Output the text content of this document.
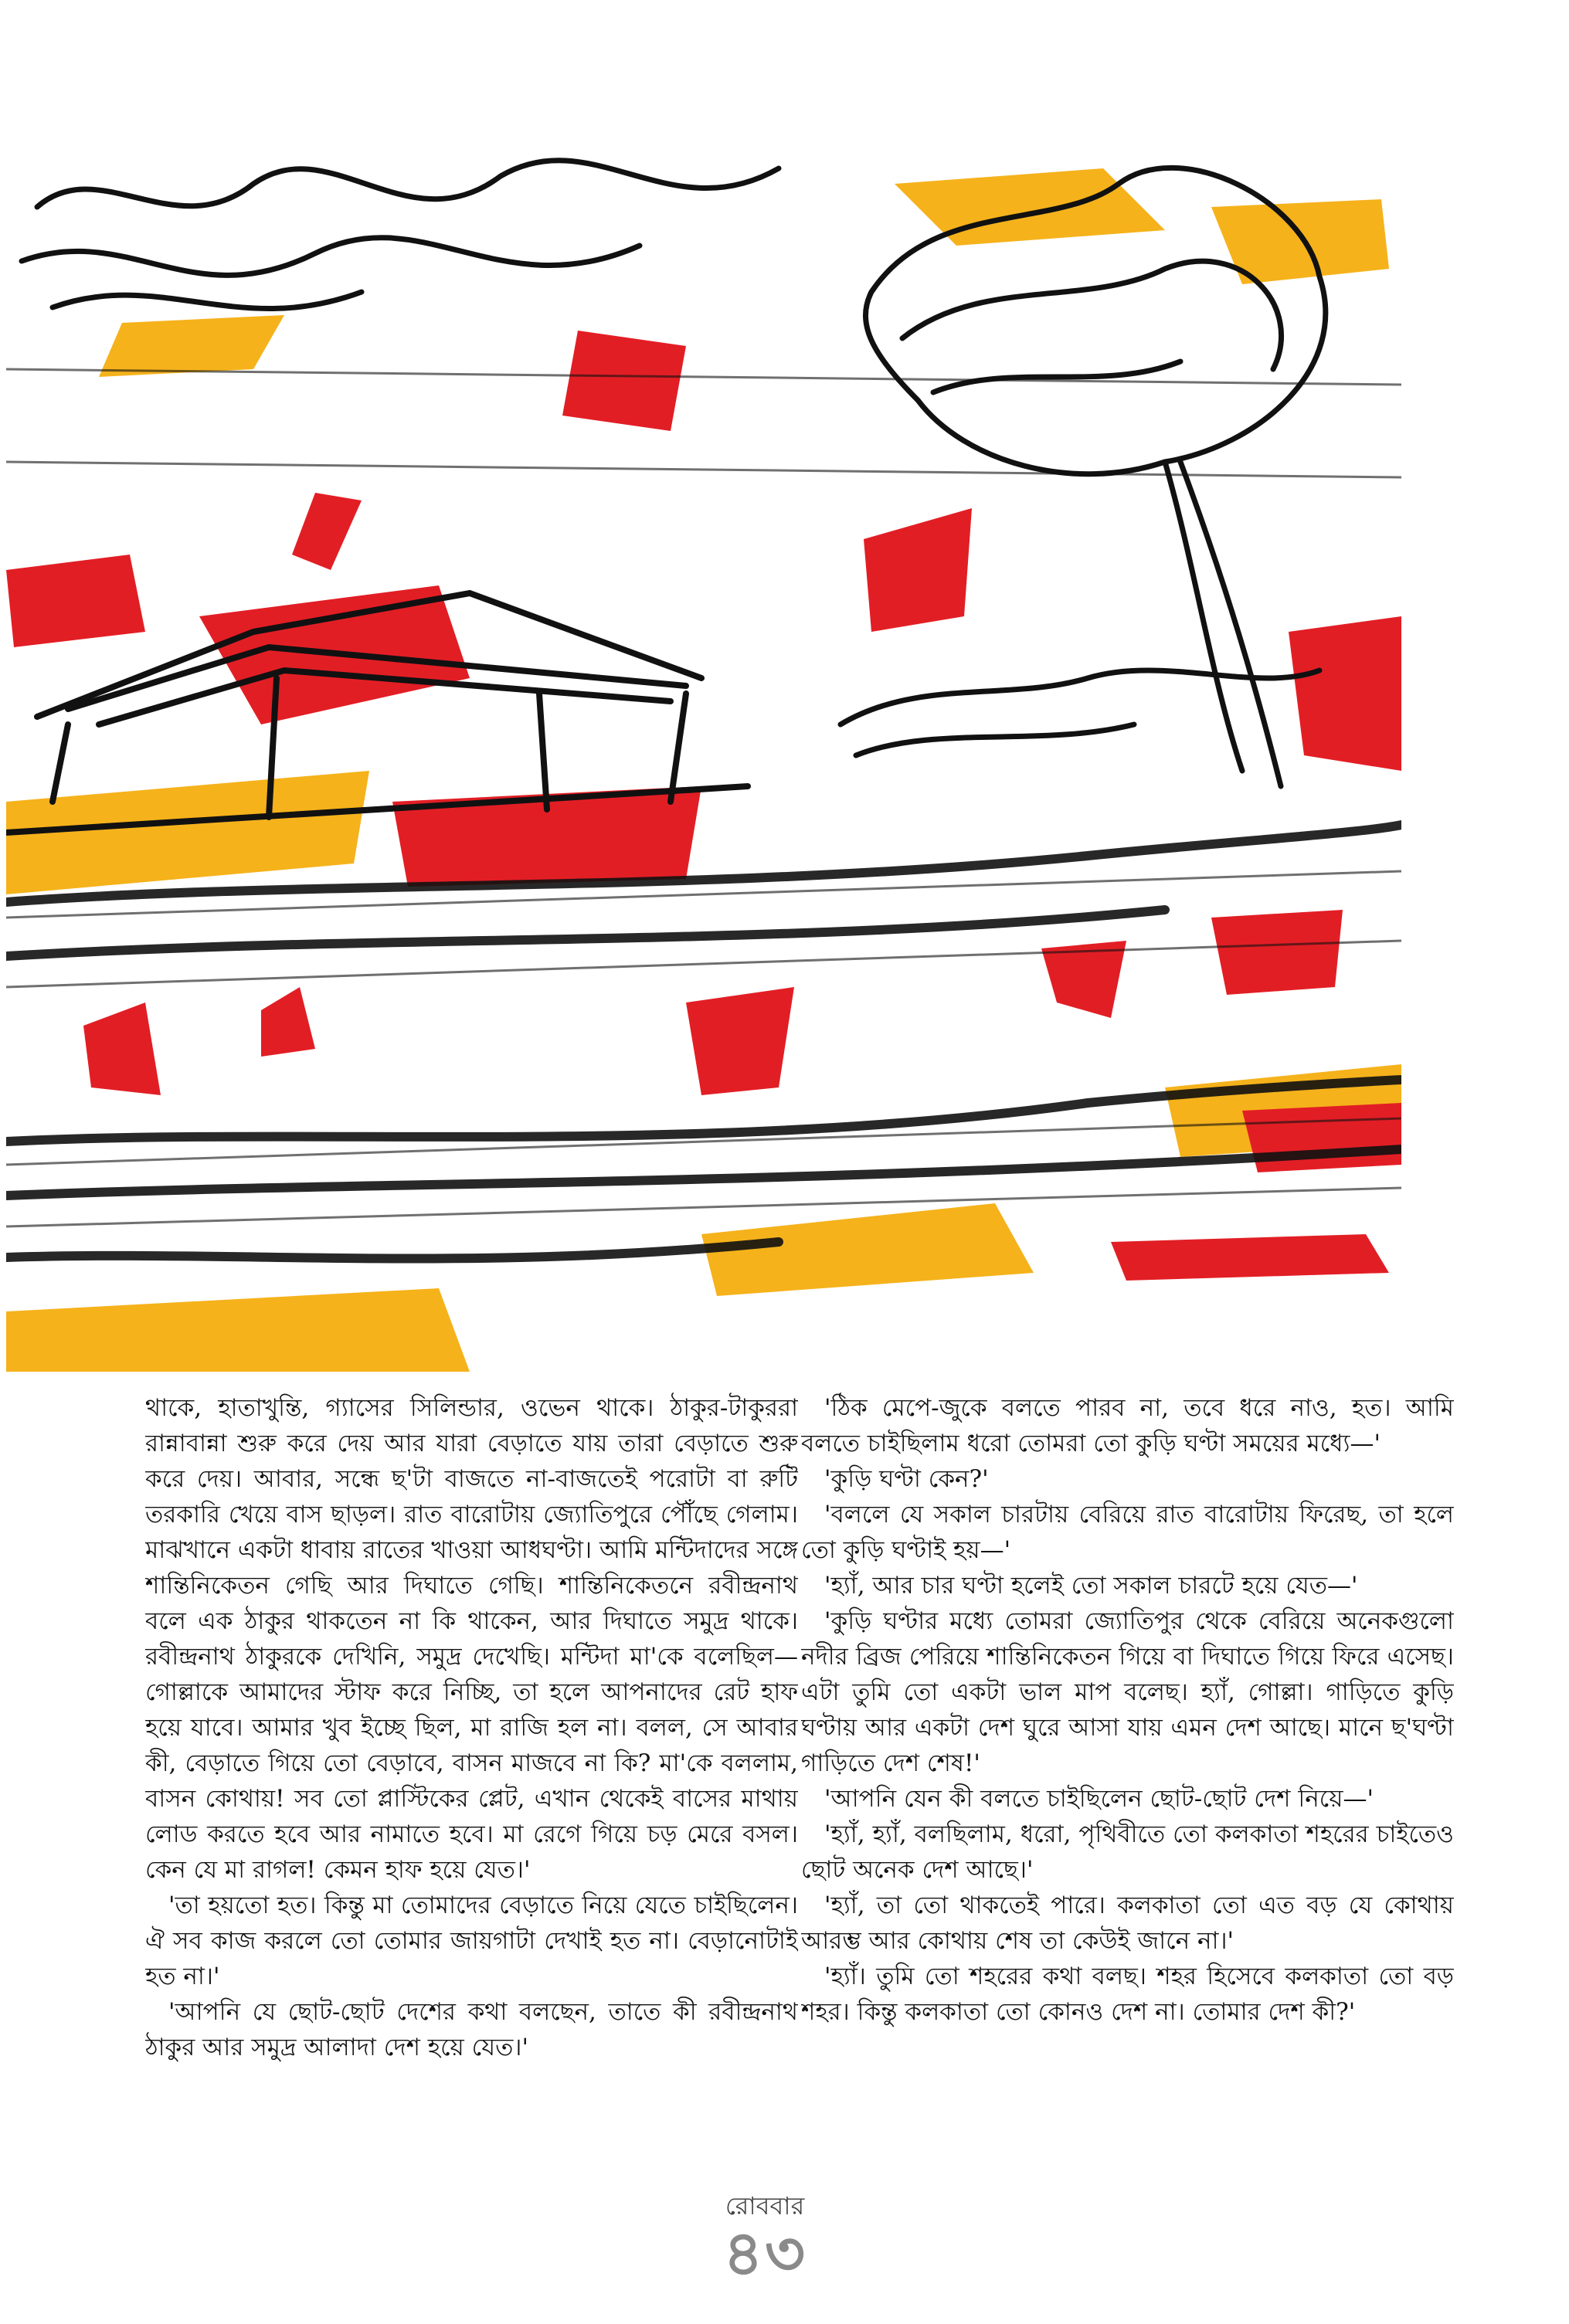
থাকে, হাতাখুন্তি, গ্যাসের সিলিন্ডার, ওভেন থাকে। ঠাকুর-টাকুররা রান্নাবান্না শুরু করে দেয় আর যারা বেড়াতে যায় তারা বেড়াতে শুরু করে দেয়। আবার, সন্ধে ছ'টা বাজতে না-বাজতেই পরোটা বা রুটি তরকারি খেয়ে বাস ছাড়ল। রাত বারোটায় জ্যোতিপুরে পৌঁছে গেলাম। মাঝখানে একটা ধাবায় রাতের খাওয়া আধঘণ্টা। আমি মন্টিদাদের সঙ্গে শান্তিনিকেতন গেছি আর দিঘাতে গেছি। শান্তিনিকেতনে রবীন্দ্রনাথ বলে এক ঠাকুর থাকতেন না কি থাকেন, আর দিঘাতে সমুদ্র থাকে। রবীন্দ্রনাথ ঠাকুরকে দেখিনি, সমুদ্র দেখেছি। মন্টিদা মা'কে বলেছিল—গোল্লাকে আমাদের স্টাফ করে নিচ্ছি, তা হলে আপনাদের রেট হাফ হয়ে যাবে। আমার খুব ইচ্ছে ছিল, মা রাজি হল না। বলল, সে আবার কী, বেড়াতে গিয়ে তো বেড়াবে, বাসন মাজবে না কি? মা'কে বললাম, বাসন কোথায়! সব তো প্লাস্টিকের প্লেট, এখান থেকেই বাসের মাথায় লোড করতে হবে আর নামাতে হবে। মা রেগে গিয়ে চড় মেরে বসল। কেন যে মা রাগল! কেমন হাফ হয়ে যেত।'

'তা হয়তো হত। কিন্তু মা তোমাদের বেড়াতে নিয়ে যেতে চাইছিলেন। ঐ সব কাজ করলে তো তোমার জায়গাটা দেখাই হত না। বেড়ানোটাই হত না।'

'আপনি যে ছোট-ছোট দেশের কথা বলছেন, তাতে কী রবীন্দ্রনাথ ঠাকুর আর সমুদ্র আলাদা দেশ হয়ে যেত।'

'ঠিক মেপে-জুকে বলতে পারব না, তবে ধরে নাও, হত। আমি বলতে চাইছিলাম ধরো তোমরা তো কুড়ি ঘণ্টা সময়ের মধ্যে—'

'কুড়ি ঘণ্টা কেন?'

'বললে যে সকাল চারটায় বেরিয়ে রাত বারোটায় ফিরেছ, তা হলে তো কুড়ি ঘণ্টাই হয়—'

'হ্যাঁ, আর চার ঘণ্টা হলেই তো সকাল চারটে হয়ে যেত—'

'কুড়ি ঘণ্টার মধ্যে তোমরা জ্যোতিপুর থেকে বেরিয়ে অনেকগুলো নদীর ব্রিজ পেরিয়ে শান্তিনিকেতন গিয়ে বা দিঘাতে গিয়ে ফিরে এসেছ। এটা তুমি তো একটা ভাল মাপ বলেছ। হ্যাঁ, গোল্লা। গাড়িতে কুড়ি ঘণ্টায় আর একটা দেশ ঘুরে আসা যায় এমন দেশ আছে। মানে ছ'ঘণ্টা গাড়িতে দেশ শেষ!'

'আপনি যেন কী বলতে চাইছিলেন ছোট-ছোট দেশ নিয়ে—'

'হ্যাঁ, হ্যাঁ, বলছিলাম, ধরো, পৃথিবীতে তো কলকাতা শহরের চাইতেও ছোট অনেক দেশ আছে।'

'হ্যাঁ, তা তো থাকতেই পারে। কলকাতা তো এত বড় যে কোথায় আরম্ভ আর কোথায় শেষ তা কেউই জানে না।'

'হ্যাঁ। তুমি তো শহরের কথা বলছ। শহর হিসেবে কলকাতা তো বড় শহর। কিন্তু কলকাতা তো কোনও দেশ না। তোমার দেশ কী?'

রোববার
৪৩
